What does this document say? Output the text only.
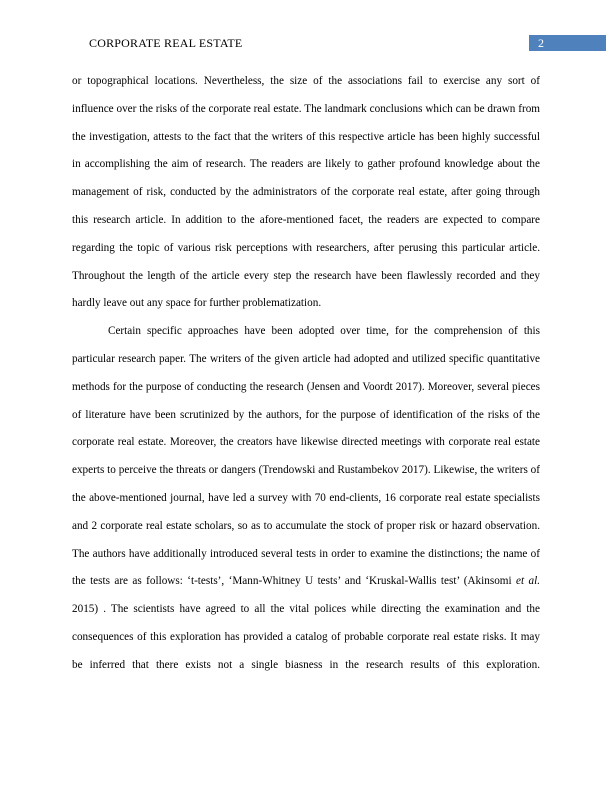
CORPORATE REAL ESTATE	2

or topographical locations. Nevertheless, the size of the associations fail to exercise any sort of influence over the risks of the corporate real estate. The landmark conclusions which can be drawn from the investigation, attests to the fact that the writers of this respective article has been highly successful in accomplishing the aim of research. The readers are likely to gather profound knowledge about the management of risk, conducted by the administrators of the corporate real estate, after going through this research article. In addition to the afore-mentioned facet, the readers are expected to compare regarding the topic of various risk perceptions with researchers, after perusing this particular article. Throughout the length of the article every step the research have been flawlessly recorded and they hardly leave out any space for further problematization.

Certain specific approaches have been adopted over time, for the comprehension of this particular research paper. The writers of the given article had adopted and utilized specific quantitative methods for the purpose of conducting the research (Jensen and Voordt 2017). Moreover, several pieces of literature have been scrutinized by the authors, for the purpose of identification of the risks of the corporate real estate. Moreover, the creators have likewise directed meetings with corporate real estate experts to perceive the threats or dangers (Trendowski and Rustambekov 2017). Likewise, the writers of the above-mentioned journal, have led a survey with 70 end-clients, 16 corporate real estate specialists and 2 corporate real estate scholars, so as to accumulate the stock of proper risk or hazard observation. The authors have additionally introduced several tests in order to examine the distinctions; the name of the tests are as follows: ‘t-tests’, ‘Mann-Whitney U tests’ and ‘Kruskal-Wallis test’ (Akinsomi et al. 2015) . The scientists have agreed to all the vital polices while directing the examination and the consequences of this exploration has provided a catalog of probable corporate real estate risks. It may be inferred that there exists not a single biasness in the research results of this exploration.
